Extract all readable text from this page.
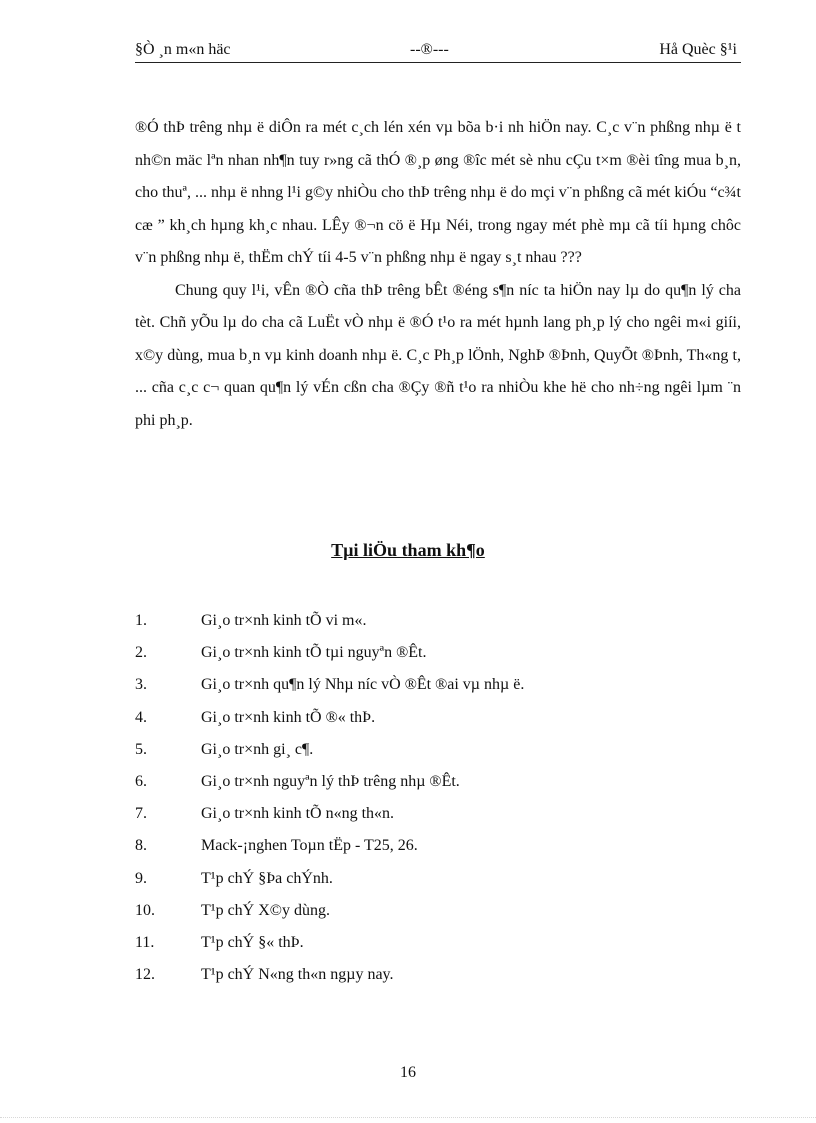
§Ò ¸n m«n häc	--®---	Hå Quèc §¹i

®Ó thÞ trêng nhµ ë diÔn ra mét c¸ch lén xén vµ bõa b·i nh hiÖn nay. C¸c v¨n phßng nhµ ë t nh©n mäc lªn nhan nh¶n tuy r»ng cã thÓ ®¸p øng ®îc mét sè nhu cÇu t×m ®èi tîng mua b¸n, cho thuª, ... nhµ ë nhng l¹i g©y nhiÒu cho thÞ trêng nhµ ë do mçi v¨n phßng cã mét kiÓu “c¾t cæ ” kh¸ch hµng kh¸c nhau. LÊy ®¬n cö ë Hµ Néi, trong ngay mét phè mµ cã tíi hµng chôc v¨n phßng nhµ ë, thËm chÝ tíi 4-5 v¨n phßng nhµ ë ngay s¸t nhau ???

Chung quy l¹i, vÊn ®Ò cña thÞ trêng bÊt ®éng s¶n níc ta hiÖn nay lµ do qu¶n lý cha tèt. Chñ yÕu lµ do cha cã LuËt vÒ nhµ ë ®Ó t¹o ra mét hµnh lang ph¸p lý cho ngêi m«i giíi, x©y dùng, mua b¸n vµ kinh doanh nhµ ë. C¸c Ph¸p lÖnh, NghÞ ®Þnh, QuyÕt ®Þnh, Th«ng t, ... cña c¸c c¬ quan qu¶n lý vÉn cßn cha ®Çy ®ñ t¹o ra nhiÒu khe hë cho nh÷ng ngêi lµm ¨n phi ph¸p.

Tµi liÖu tham kh¶o
1.	Gi¸o tr×nh kinh tÕ vi m«.
2.	Gi¸o tr×nh kinh tÕ tµi nguyªn ®Êt.
3.	Gi¸o tr×nh qu¶n lý Nhµ níc vÒ ®Êt ®ai vµ nhµ ë.
4.	Gi¸o tr×nh kinh tÕ ®« thÞ.
5.	Gi¸o tr×nh gi¸ c¶.
6.	Gi¸o tr×nh nguyªn lý thÞ trêng nhµ ®Êt.
7.	Gi¸o tr×nh kinh tÕ n«ng th«n.
8.	Mack-¡nghen Toµn tËp - T25, 26.
9.	T¹p chÝ §Þa chÝnh.
10.	T¹p chÝ X©y dùng.
11.	T¹p chÝ §« thÞ.
12.	T¹p chÝ N«ng th«n ngµy nay.
16
